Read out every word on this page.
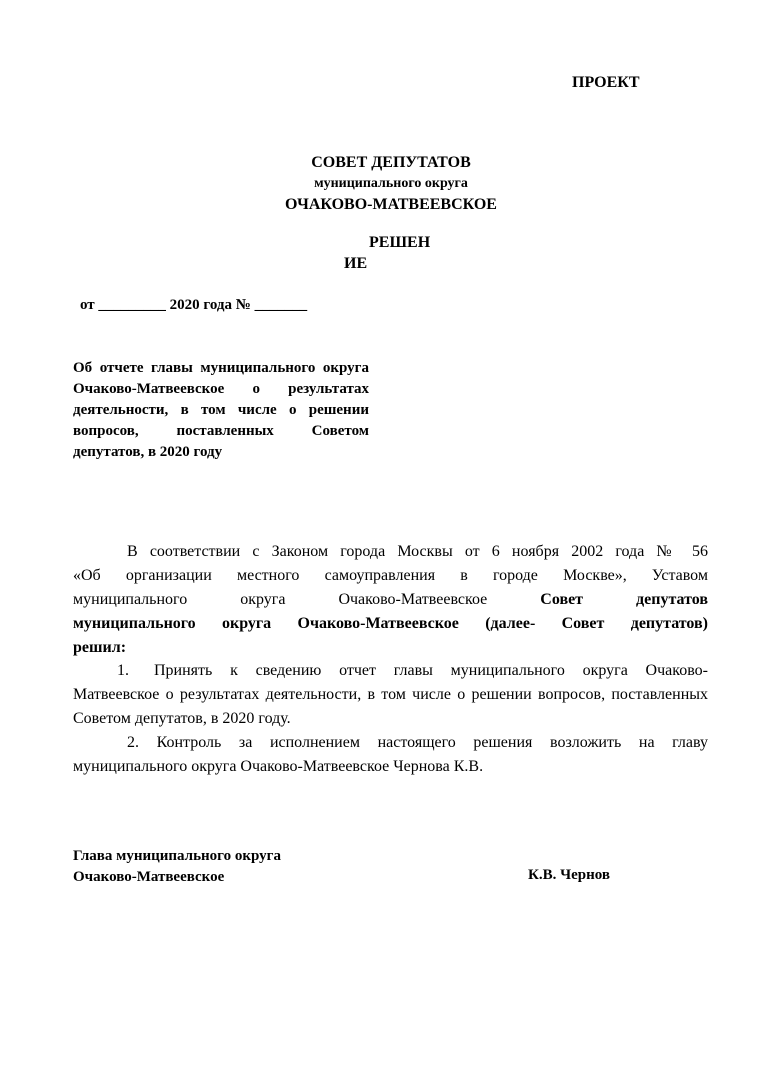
ПРОЕКТ
СОВЕТ ДЕПУТАТОВ
муниципального округа
ОЧАКОВО-МАТВЕЕВСКОЕ
РЕШЕН
ИЕ
от _________ 2020 года № _______
Об отчете главы муниципального округа Очаково-Матвеевское о результатах деятельности, в том числе о решении вопросов, поставленных Советом депутатов, в 2020 году
В соответствии с Законом города Москвы от 6 ноября 2002 года № 56
«Об организации местного самоуправления в городе Москве», Уставом
муниципального округа Очаково-Матвеевское	Совет депутатов
муниципального округа Очаково-Матвеевское (далее- Совет депутатов)
решил:
1.	Принять к сведению отчет главы муниципального округа Очаково-
Матвеевское о результатах деятельности, в том числе о решении вопросов, поставленных Советом депутатов, в 2020 году.
2. Контроль за исполнением настоящего решения возложить на главу муниципального округа Очаково-Матвеевское Чернова К.В.
Глава муниципального округа
Очаково-Матвеевское	К.В. Чернов
